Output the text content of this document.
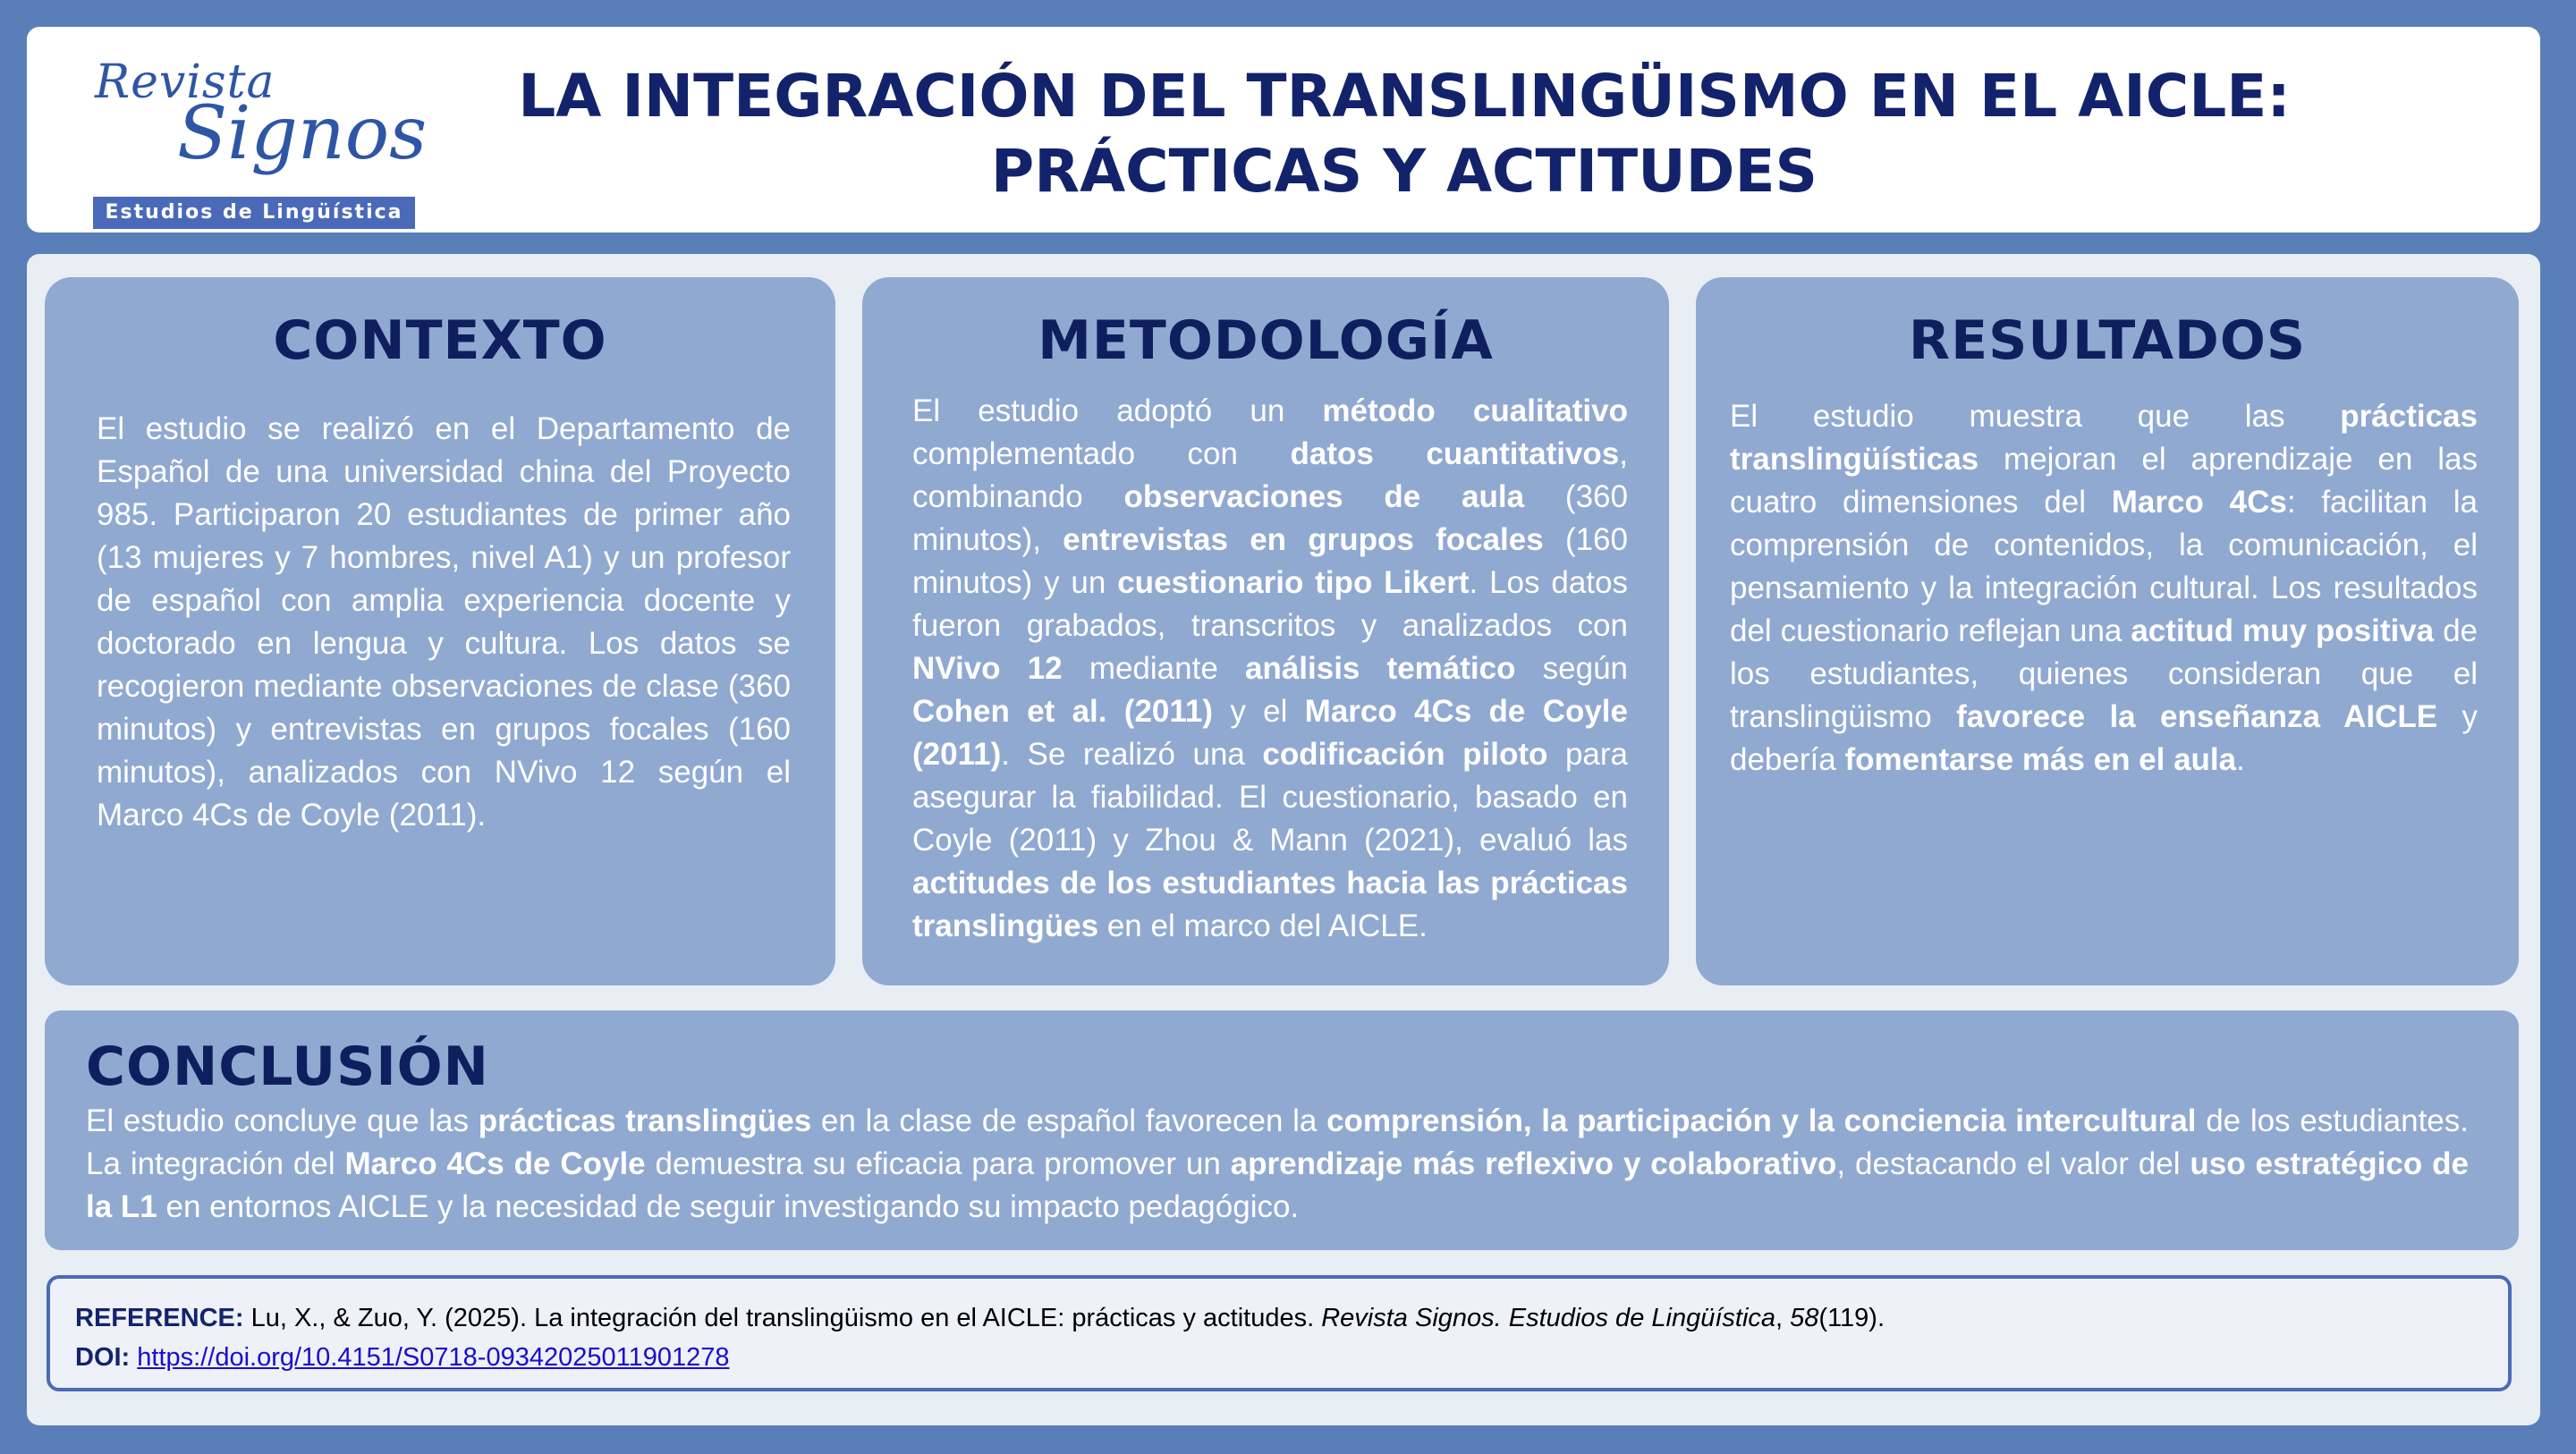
Revista
Signos
Estudios de Lingüística
LA INTEGRACIÓN DEL TRANSLINGÜISMO EN EL AICLE:
PRÁCTICAS Y ACTITUDES
CONTEXTO

El estudio se realizó en el Departamento de Español de una universidad china del Proyecto 985. Participaron 20 estudiantes de primer año (13 mujeres y 7 hombres, nivel A1) y un profesor de español con amplia experiencia docente y doctorado en lengua y cultura. Los datos se recogieron mediante observaciones de clase (360 minutos) y entrevistas en grupos focales (160 minutos), analizados con NVivo 12 según el Marco 4Cs de Coyle (2011).

METODOLOGÍA

El estudio adoptó un método cualitativo complementado con datos cuantitativos, combinando observaciones de aula (360 minutos), entrevistas en grupos focales (160 minutos) y un cuestionario tipo Likert. Los datos fueron grabados, transcritos y analizados con NVivo 12 mediante análisis temático según Cohen et al. (2011) y el Marco 4Cs de Coyle (2011). Se realizó una codificación piloto para asegurar la fiabilidad. El cuestionario, basado en Coyle (2011) y Zhou & Mann (2021), evaluó las actitudes de los estudiantes hacia las prácticas translingües en el marco del AICLE.

RESULTADOS

El estudio muestra que las prácticas translingüísticas mejoran el aprendizaje en las cuatro dimensiones del Marco 4Cs: facilitan la comprensión de contenidos, la comunicación, el pensamiento y la integración cultural. Los resultados del cuestionario reflejan una actitud muy positiva de los estudiantes, quienes consideran que el translingüismo favorece la enseñanza AICLE y debería fomentarse más en el aula.

CONCLUSIÓN

El estudio concluye que las prácticas translingües en la clase de español favorecen la comprensión, la participación y la conciencia intercultural de los estudiantes. La integración del Marco 4Cs de Coyle demuestra su eficacia para promover un aprendizaje más reflexivo y colaborativo, destacando el valor del uso estratégico de la L1 en entornos AICLE y la necesidad de seguir investigando su impacto pedagógico.

REFERENCE: Lu, X., & Zuo, Y. (2025). La integración del translingüismo en el AICLE: prácticas y actitudes. Revista Signos. Estudios de Lingüística, 58(119).
DOI: https://doi.org/10.4151/S0718-09342025011901278
